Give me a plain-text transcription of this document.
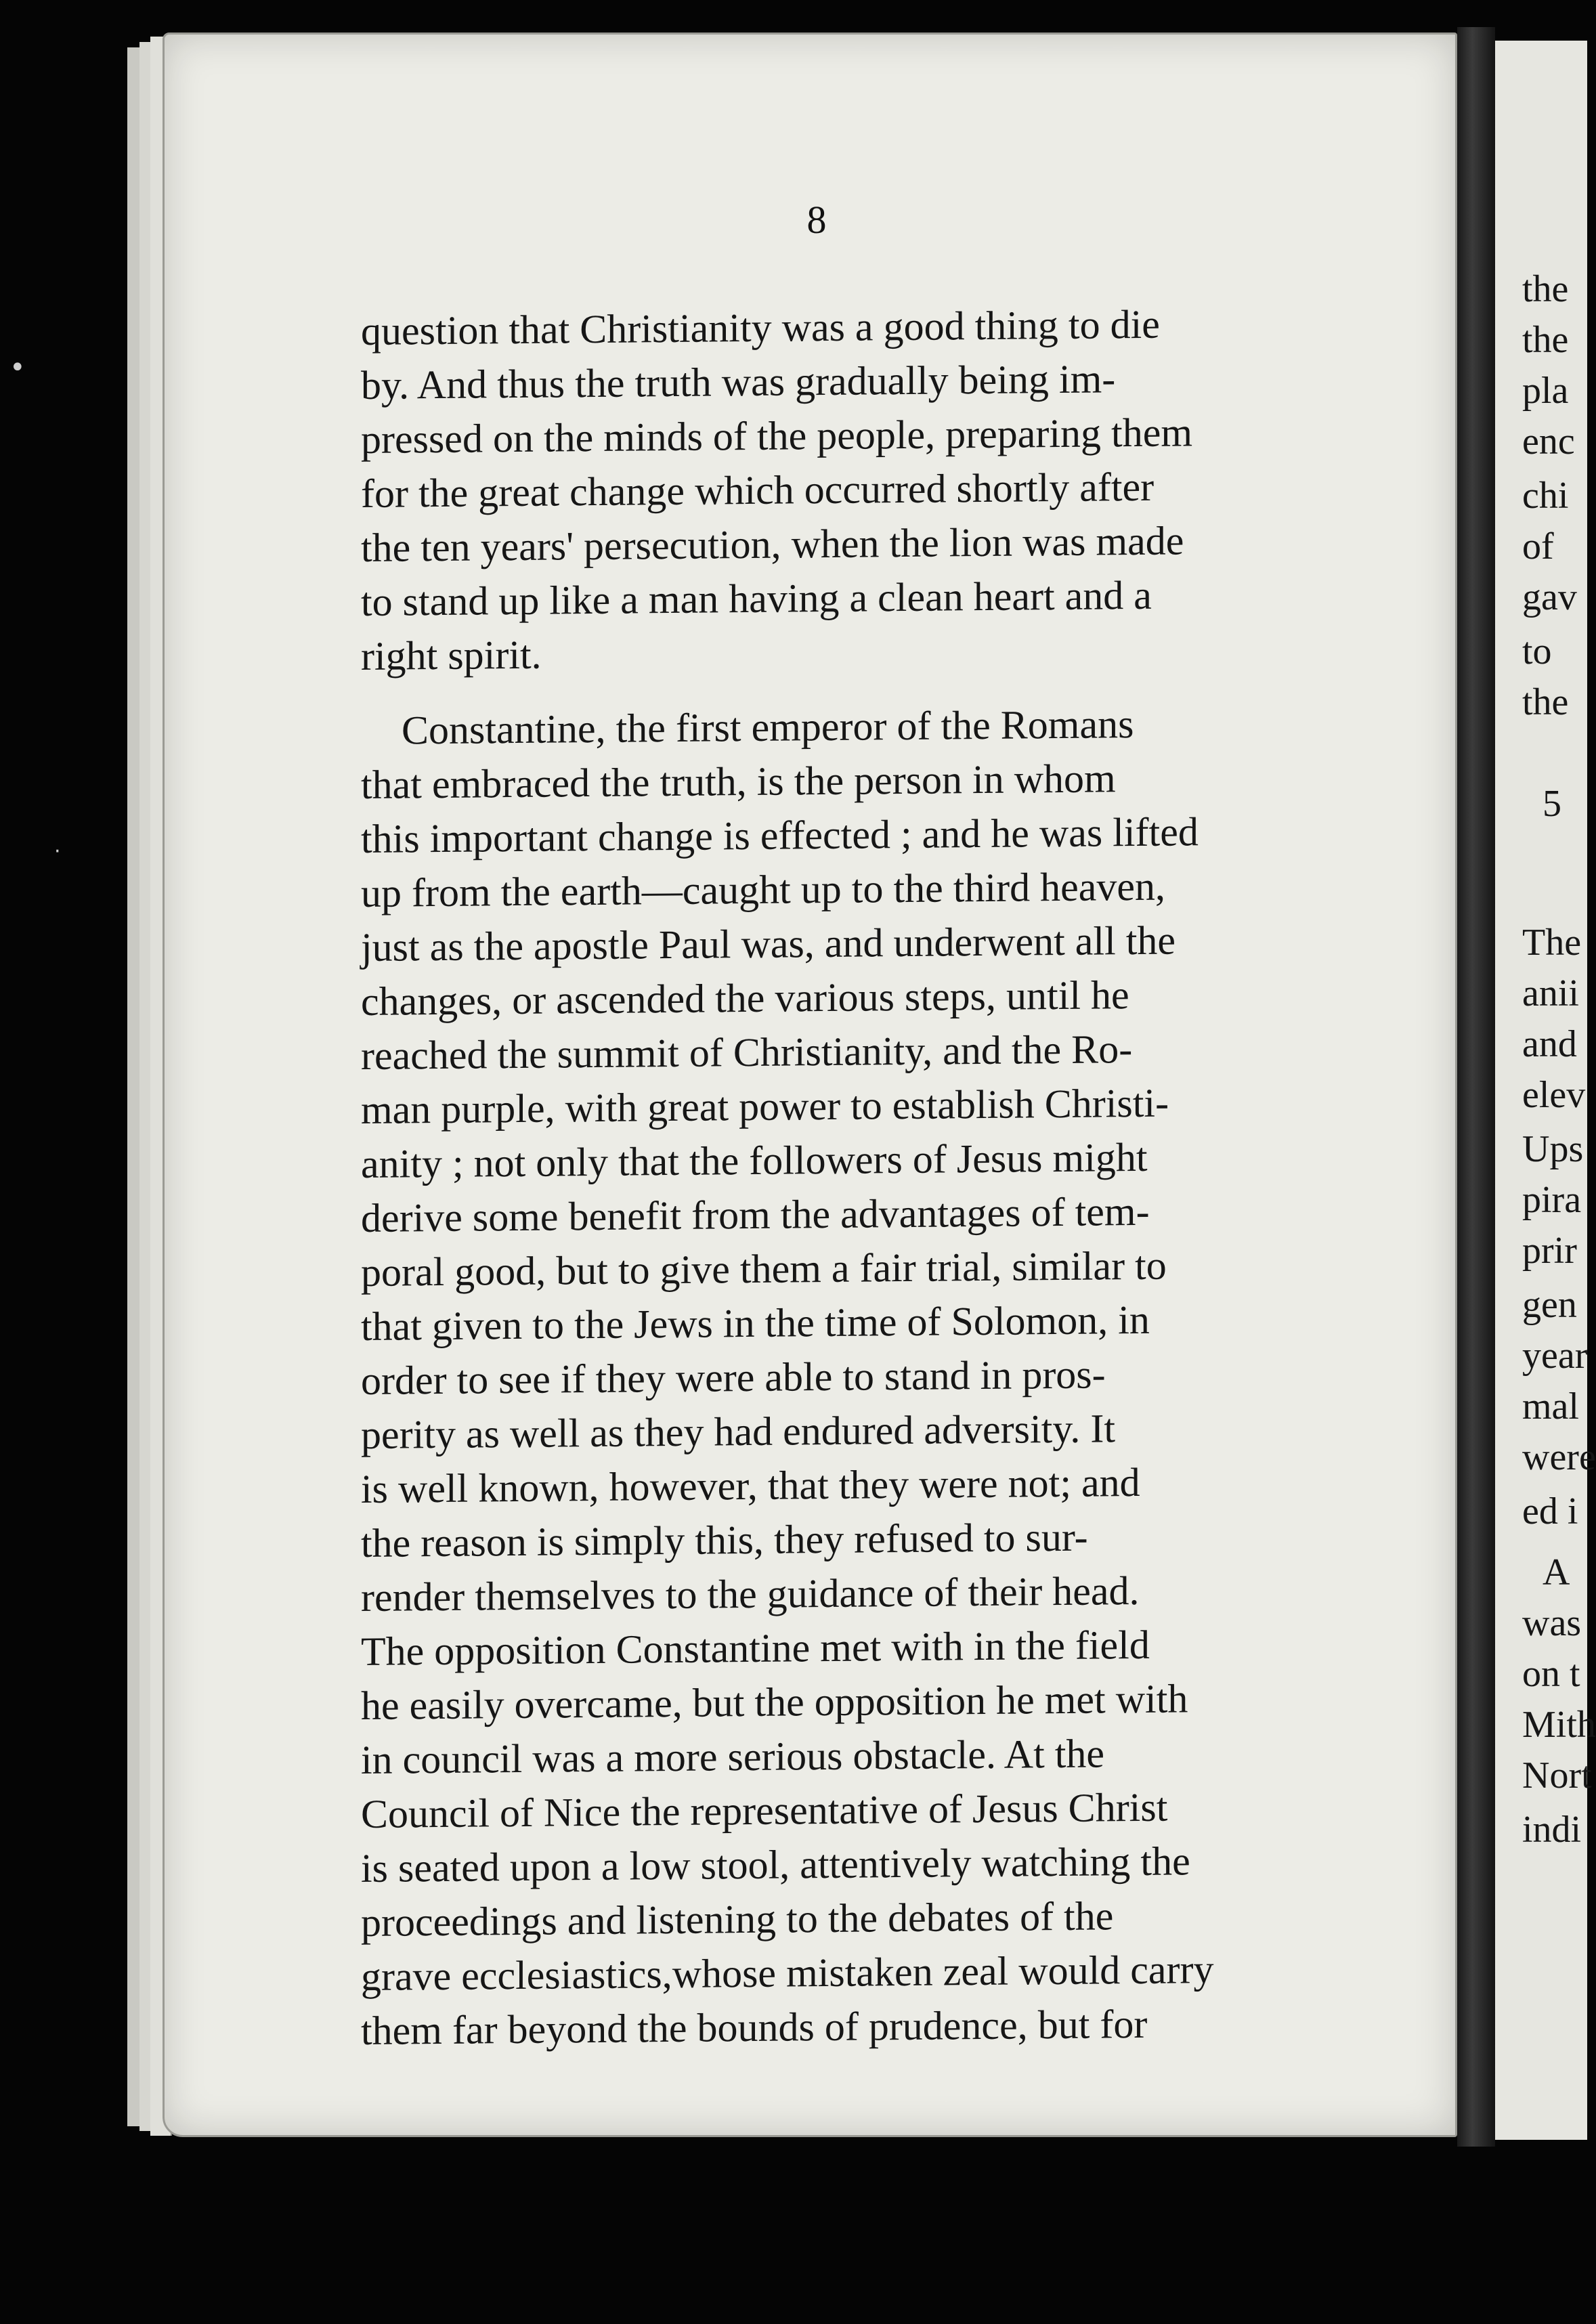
8
question that Christianity was a good thing to die
by. And thus the truth was gradually being im-
pressed on the minds of the people, preparing them
for the great change which occurred shortly after
the ten years' persecution, when the lion was made
to stand up like a man having a clean heart and a
right spirit.
Constantine, the first emperor of the Romans
that embraced the truth, is the person in whom
this important change is effected ; and he was lifted
up from the earth—caught up to the third heaven,
just as the apostle Paul was, and underwent all the
changes, or ascended the various steps, until he
reached the summit of Christianity, and the Ro-
man purple, with great power to establish Christi-
anity ; not only that the followers of Jesus might
derive some benefit from the advantages of tem-
poral good, but to give them a fair trial, similar to
that given to the Jews in the time of Solomon, in
order to see if they were able to stand in pros-
perity as well as they had endured adversity. It
is well known, however, that they were not; and
the reason is simply this, they refused to sur-
render themselves to the guidance of their head.
The opposition Constantine met with in the field
he easily overcame, but the opposition he met with
in council was a more serious obstacle. At the
Council of Nice the representative of Jesus Christ
is seated upon a low stool, attentively watching the
proceedings and listening to the debates of the
grave ecclesiastics,whose mistaken zeal would carry
them far beyond the bounds of prudence, but for
the
the
pla
enc
chi
of
gav
to
the
5
The
anii
and
elev
Ups
pira
prir
gen
year
mal
were
ed i
A
was
on t
Mith
Nort
indi
•
·
